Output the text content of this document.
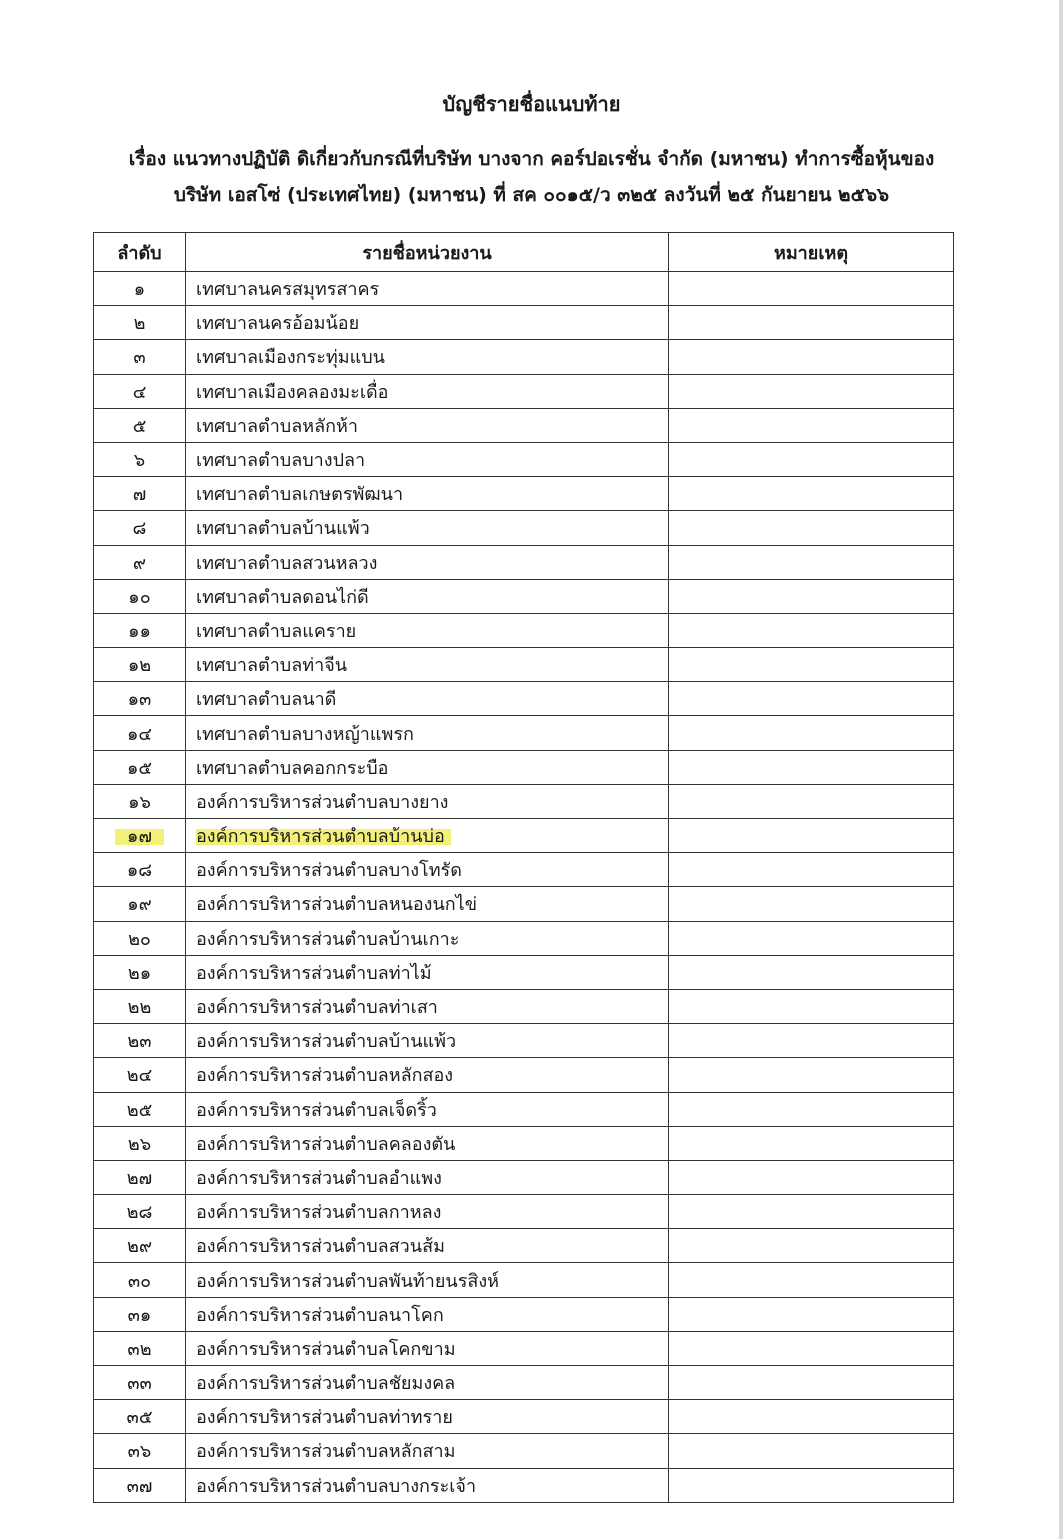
บัญชีรายชื่อแนบท้าย
เรื่อง แนวทางปฏิบัติ ดิเกี่ยวกับกรณีที่บริษัท บางจาก คอร์ปอเรชั่น จำกัด (มหาชน) ทำการซื้อหุ้นของ
บริษัท เอสโซ่ (ประเทศไทย) (มหาชน) ที่ สค ๐๐๑๕/ว ๓๒๕ ลงวันที่ ๒๕ กันยายน ๒๕๖๖
ลำดับ	รายชื่อหน่วยงาน	หมายเหตุ
๑	เทศบาลนครสมุทรสาคร	
๒	เทศบาลนครอ้อมน้อย	
๓	เทศบาลเมืองกระทุ่มแบน	
๔	เทศบาลเมืองคลองมะเดื่อ	
๕	เทศบาลตำบลหลักห้า	
๖	เทศบาลตำบลบางปลา	
๗	เทศบาลตำบลเกษตรพัฒนา	
๘	เทศบาลตำบลบ้านแพ้ว	
๙	เทศบาลตำบลสวนหลวง	
๑๐	เทศบาลตำบลดอนไก่ดี	
๑๑	เทศบาลตำบลแคราย	
๑๒	เทศบาลตำบลท่าจีน	
๑๓	เทศบาลตำบลนาดี	
๑๔	เทศบาลตำบลบางหญ้าแพรก	
๑๕	เทศบาลตำบลคอกกระบือ	
๑๖	องค์การบริหารส่วนตำบลบางยาง	
๑๗	องค์การบริหารส่วนตำบลบ้านบ่อ	
๑๘	องค์การบริหารส่วนตำบลบางโทรัด	
๑๙	องค์การบริหารส่วนตำบลหนองนกไข่	
๒๐	องค์การบริหารส่วนตำบลบ้านเกาะ	
๒๑	องค์การบริหารส่วนตำบลท่าไม้	
๒๒	องค์การบริหารส่วนตำบลท่าเสา	
๒๓	องค์การบริหารส่วนตำบลบ้านแพ้ว	
๒๔	องค์การบริหารส่วนตำบลหลักสอง	
๒๕	องค์การบริหารส่วนตำบลเจ็ดริ้ว	
๒๖	องค์การบริหารส่วนตำบลคลองตัน	
๒๗	องค์การบริหารส่วนตำบลอำแพง	
๒๘	องค์การบริหารส่วนตำบลกาหลง	
๒๙	องค์การบริหารส่วนตำบลสวนส้ม	
๓๐	องค์การบริหารส่วนตำบลพันท้ายนรสิงห์	
๓๑	องค์การบริหารส่วนตำบลนาโคก	
๓๒	องค์การบริหารส่วนตำบลโคกขาม	
๓๓	องค์การบริหารส่วนตำบลชัยมงคล	
๓๕	องค์การบริหารส่วนตำบลท่าทราย	
๓๖	องค์การบริหารส่วนตำบลหลักสาม	
๓๗	องค์การบริหารส่วนตำบลบางกระเจ้า	
